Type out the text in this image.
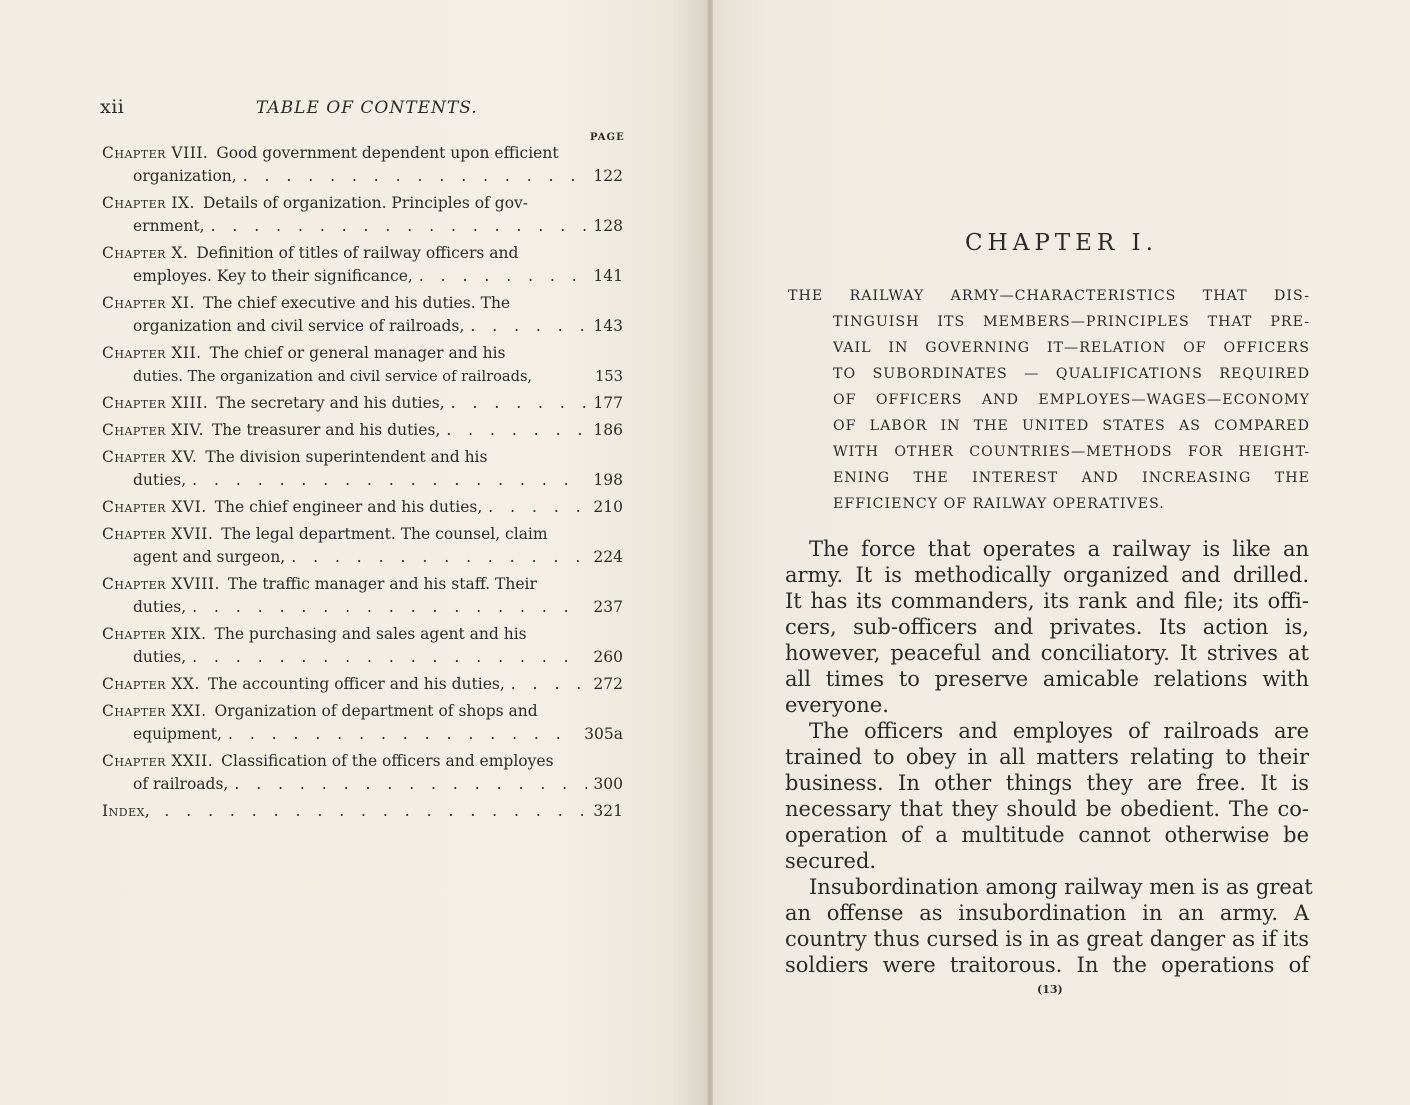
xii	TABLE OF CONTENTS.
PAGE
Chapter VIII. Good government dependent upon efficient
organization, . . .	122
Chapter IX. Details of organization. Principles of gov-
ernment, . . .	128
Chapter X. Definition of titles of railway officers and
employes. Key to their significance, . . .	141
Chapter XI. The chief executive and his duties. The
organization and civil service of railroads, . . .	143
Chapter XII. The chief or general manager and his
duties. The organization and civil service of railroads,	153
Chapter XIII. The secretary and his duties, . . .	177
Chapter XIV. The treasurer and his duties, . . .	186
Chapter XV. The division superintendent and his
duties, . . .	198
Chapter XVI. The chief engineer and his duties, . . .	210
Chapter XVII. The legal department. The counsel, claim
agent and surgeon, . . .	224
Chapter XVIII. The traffic manager and his staff. Their
duties, . . .	237
Chapter XIX. The purchasing and sales agent and his
duties, . . .	260
Chapter XX. The accounting officer and his duties, . . .	272
Chapter XXI. Organization of department of shops and
equipment, . . .	305a
Chapter XXII. Classification of the officers and employes
of railroads, . . .	300
Index, . . .	321
CHAPTER I.
THE RAILWAY ARMY—CHARACTERISTICS THAT DIS-
TINGUISH ITS MEMBERS—PRINCIPLES THAT PRE-
VAIL IN GOVERNING IT—RELATION OF OFFICERS
TO SUBORDINATES — QUALIFICATIONS REQUIRED
OF OFFICERS AND EMPLOYES—WAGES—ECONOMY
OF LABOR IN THE UNITED STATES AS COMPARED
WITH OTHER COUNTRIES—METHODS FOR HEIGHT-
ENING THE INTEREST AND INCREASING THE
EFFICIENCY OF RAILWAY OPERATIVES.
The force that operates a railway is like an
army. It is methodically organized and drilled.
It has its commanders, its rank and file; its offi-
cers, sub-officers and privates. Its action is,
however, peaceful and conciliatory. It strives at
all times to preserve amicable relations with
everyone.
The officers and employes of railroads are
trained to obey in all matters relating to their
business. In other things they are free. It is
necessary that they should be obedient. The co-
operation of a multitude cannot otherwise be
secured.
Insubordination among railway men is as great
an offense as insubordination in an army. A
country thus cursed is in as great danger as if its
soldiers were traitorous. In the operations of
(13)
